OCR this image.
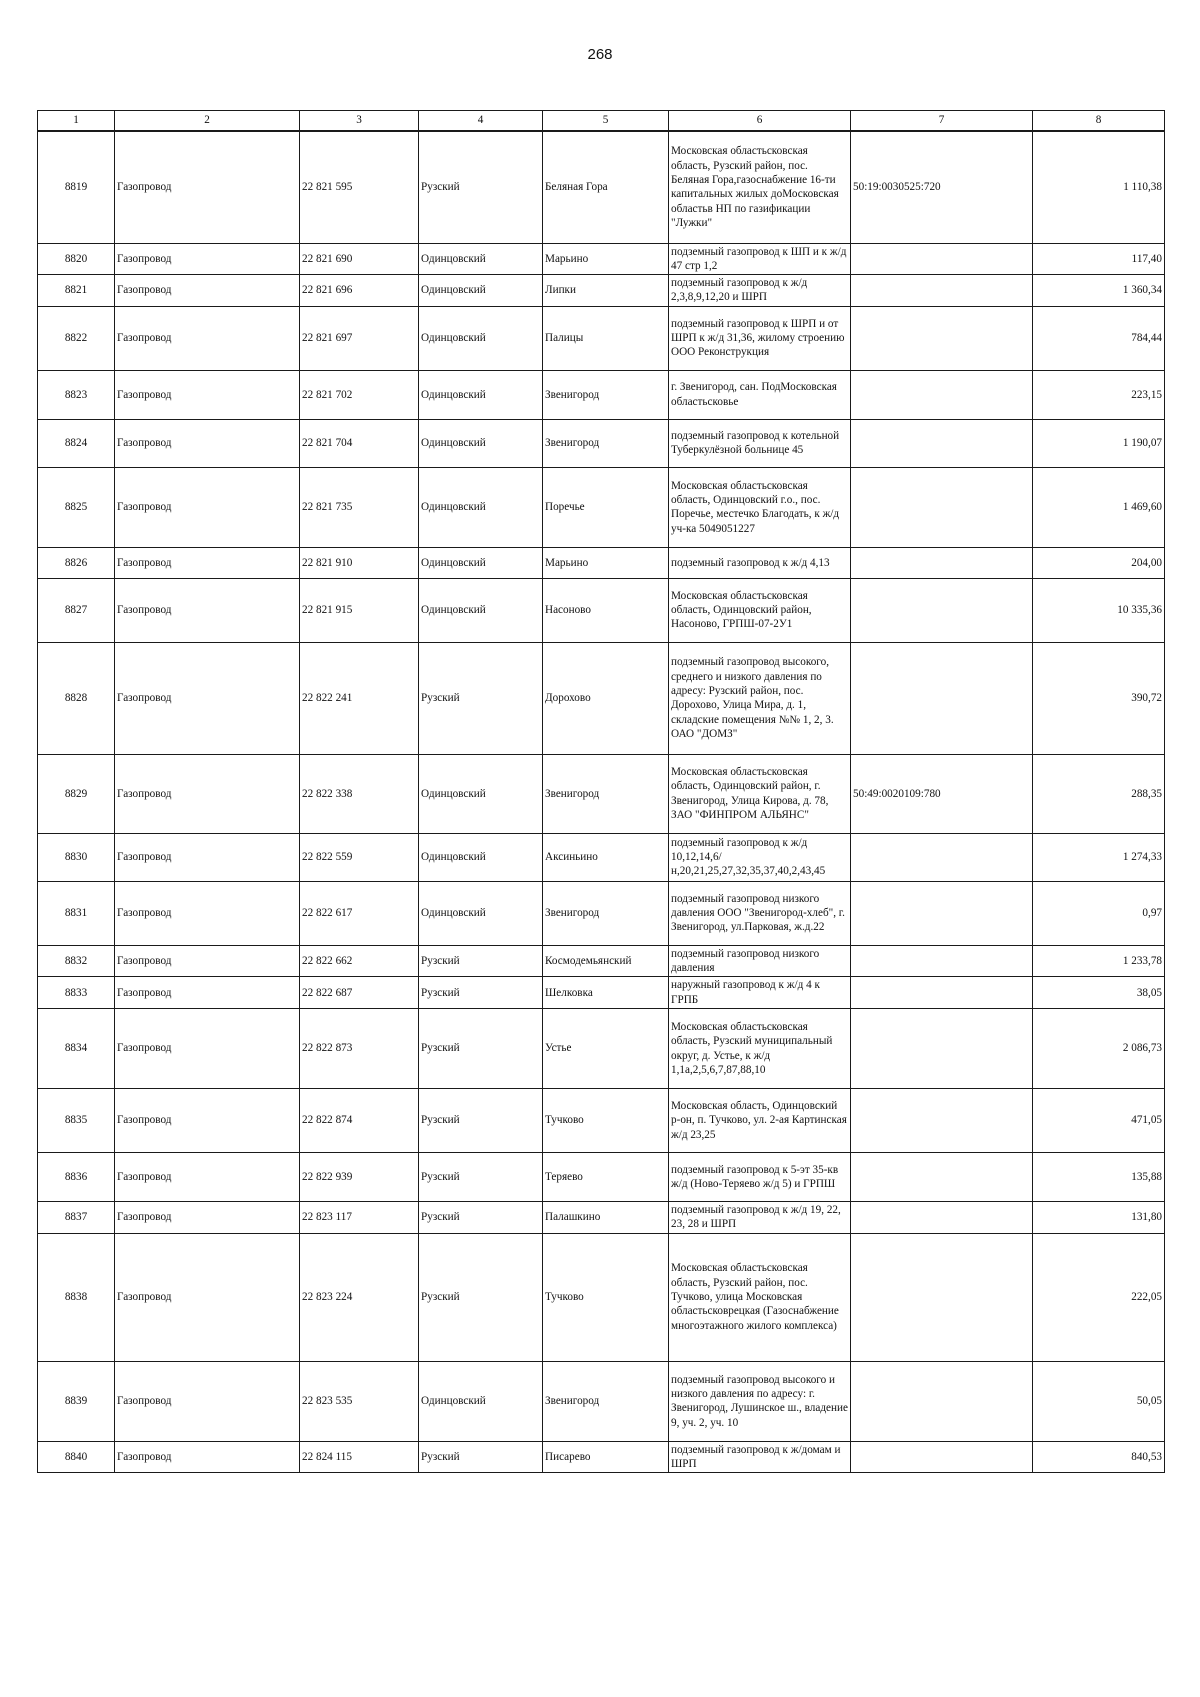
268
1	2	3	4	5	6	7	8
8819	Газопровод	22 821 595	Рузский	Беляная Гора	Московская областьсковская область, Рузский район, пос. Беляная Гора,газоснабжение 16-ти капитальных жилых доМосковская областьв НП по газификации "Лужки"	50:19:0030525:720	1 110,38
8820	Газопровод	22 821 690	Одинцовский	Марьино	подземный газопровод к ШП и к ж/д 47 стр 1,2		117,40
8821	Газопровод	22 821 696	Одинцовский	Липки	подземный газопровод к ж/д 2,3,8,9,12,20 и ШРП		1 360,34
8822	Газопровод	22 821 697	Одинцовский	Палицы	подземный газопровод к ШРП и от ШРП к ж/д 31,36, жилому строению ООО Реконструкция		784,44
8823	Газопровод	22 821 702	Одинцовский	Звенигород	г. Звенигород, сан. ПодМосковская областьсковье		223,15
8824	Газопровод	22 821 704	Одинцовский	Звенигород	подземный газопровод к котельной Туберкулёзной больнице 45		1 190,07
8825	Газопровод	22 821 735	Одинцовский	Поречье	Московская областьсковская область, Одинцовский г.о., пос. Поречье, местечко Благодать, к ж/д уч-ка 5049051227		1 469,60
8826	Газопровод	22 821 910	Одинцовский	Марьино	подземный газопровод к ж/д 4,13		204,00
8827	Газопровод	22 821 915	Одинцовский	Насоново	Московская областьсковская область, Одинцовский район, Насоново, ГРПШ-07-2У1		10 335,36
8828	Газопровод	22 822 241	Рузский	Дорохово	подземный газопровод высокого, среднего и низкого давления по адресу: Рузский район, пос. Дорохово, Улица Мира, д. 1, складские помещения №№ 1, 2, 3. ОАО "ДОМЗ"		390,72
8829	Газопровод	22 822 338	Одинцовский	Звенигород	Московская областьсковская область, Одинцовский район, г. Звенигород, Улица Кирова, д. 78, ЗАО "ФИНПРОМ АЛЬЯНС"	50:49:0020109:780	288,35
8830	Газопровод	22 822 559	Одинцовский	Аксиньино	подземный газопровод к ж/д 10,12,14,6/н,20,21,25,27,32,35,37,40,2,43,45		1 274,33
8831	Газопровод	22 822 617	Одинцовский	Звенигород	подземный газопровод низкого давления ООО "Звенигород-хлеб", г. Звенигород, ул.Парковая, ж.д.22		0,97
8832	Газопровод	22 822 662	Рузский	Космодемьянский	подземный газопровод низкого давления		1 233,78
8833	Газопровод	22 822 687	Рузский	Шелковка	наружный газопровод к ж/д 4 к ГРПБ		38,05
8834	Газопровод	22 822 873	Рузский	Устье	Московская областьсковская область, Рузский муниципальный округ, д. Устье, к ж/д 1,1а,2,5,6,7,87,88,10		2 086,73
8835	Газопровод	22 822 874	Рузский	Тучково	Московская область, Одинцовский р-он, п. Тучково, ул. 2-ая Картинская ж/д 23,25		471,05
8836	Газопровод	22 822 939	Рузский	Теряево	подземный газопровод к 5-эт 35-кв ж/д (Ново-Теряево ж/д 5) и ГРПШ		135,88
8837	Газопровод	22 823 117	Рузский	Палашкино	подземный газопровод к ж/д 19, 22, 23, 28 и ШРП		131,80
8838	Газопровод	22 823 224	Рузский	Тучково	Московская областьсковская область, Рузский район, пос. Тучково, улица Московская областьсковрецкая (Газоснабжение многоэтажного жилого комплекса)		222,05
8839	Газопровод	22 823 535	Одинцовский	Звенигород	подземный газопровод высокого и низкого давления по адресу: г. Звенигород, Лушинское ш., владение 9, уч. 2, уч. 10		50,05
8840	Газопровод	22 824 115	Рузский	Писарево	подземный газопровод к ж/домам и ШРП		840,53
